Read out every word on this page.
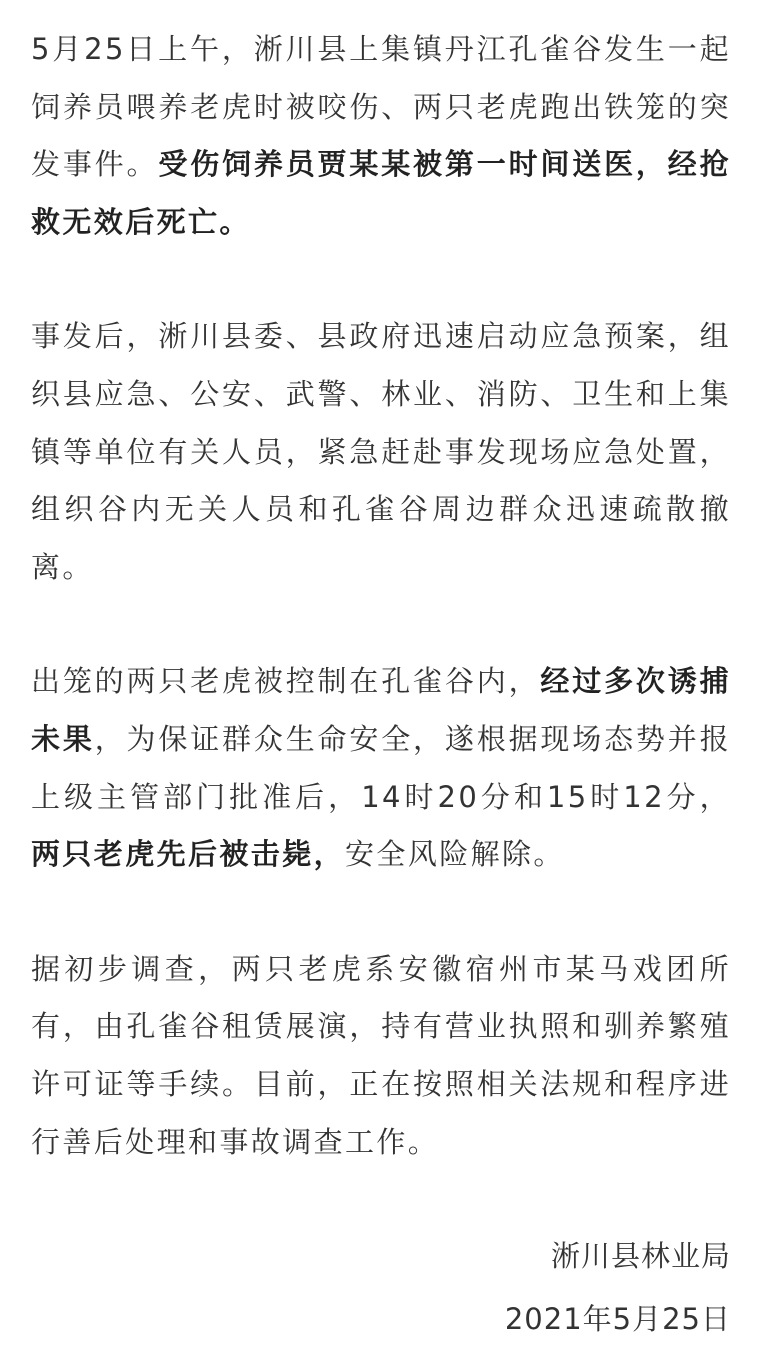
5月25日上午，淅川县上集镇丹江孔雀谷发生一起饲养员喂养老虎时被咬伤、两只老虎跑出铁笼的突发事件。受伤饲养员贾某某被第一时间送医，经抢救无效后死亡。

事发后，淅川县委、县政府迅速启动应急预案，组织县应急、公安、武警、林业、消防、卫生和上集镇等单位有关人员，紧急赶赴事发现场应急处置，组织谷内无关人员和孔雀谷周边群众迅速疏散撤离。

出笼的两只老虎被控制在孔雀谷内，经过多次诱捕未果，为保证群众生命安全，遂根据现场态势并报上级主管部门批准后，14时20分和15时12分，两只老虎先后被击毙，安全风险解除。

据初步调查，两只老虎系安徽宿州市某马戏团所有，由孔雀谷租赁展演，持有营业执照和驯养繁殖许可证等手续。目前，正在按照相关法规和程序进行善后处理和事故调查工作。

淅川县林业局

2021年5月25日
